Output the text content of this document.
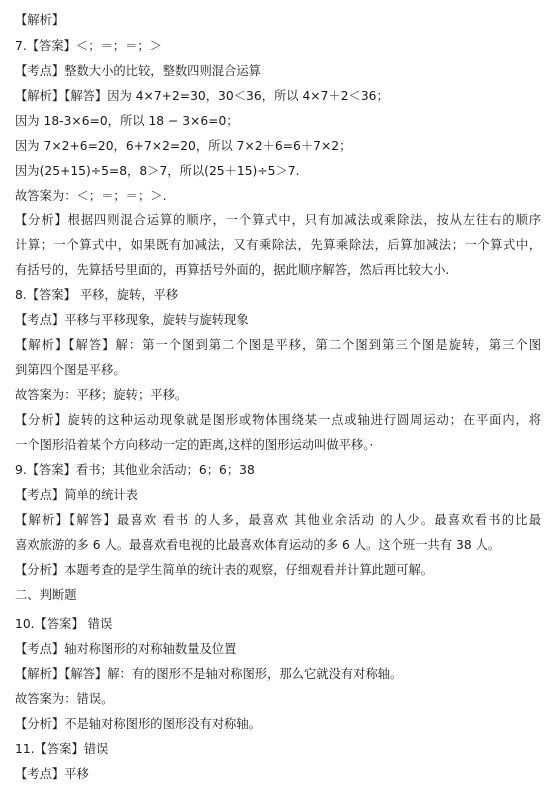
【解析】
7.【答案】＜；＝；＝；＞
【考点】整数大小的比较，整数四则混合运算
【解析】【解答】因为 4×7+2=30，30＜36，所以 4×7＋2＜36；
因为 18-3×6=0，所以 18 − 3×6=0；
因为 7×2+6=20，6+7×2=20，所以 7×2＋6=6＋7×2；
因为(25+15)÷5=8，8＞7，所以(25＋15)÷5＞7.
故答案为：＜；＝；＝；＞.
【分析】根据四则混合运算的顺序，一个算式中，只有加减法或乘除法，按从左往右的顺序
计算；一个算式中，如果既有加减法，又有乘除法，先算乘除法，后算加减法；一个算式中，
有括号的，先算括号里面的，再算括号外面的，据此顺序解答，然后再比较大小.
8.【答案】 平移，旋转，平移
【考点】平移与平移现象，旋转与旋转现象
【解析】【解答】解：第一个图到第二个图是平移，第二个图到第三个图是旋转，第三个图
到第四个图是平移。
故答案为：平移；旋转；平移。
【分析】旋转的这种运动现象就是图形或物体围绕某一点或轴进行圆周运动；在平面内，将
一个图形沿着某个方向移动一定的距离,这样的图形运动叫做平移。·
9.【答案】看书；其他业余活动；6；6；38
【考点】简单的统计表
【解析】【解答】最喜欢 看书 的人多，最喜欢 其他业余活动 的人少。最喜欢看书的比最
喜欢旅游的多 6 人。最喜欢看电视的比最喜欢体育运动的多 6 人。这个班一共有 38 人。
【分析】本题考查的是学生简单的统计表的观察，仔细观看并计算此题可解。
二、判断题
10.【答案】 错误
【考点】轴对称图形的对称轴数量及位置
【解析】【解答】解：有的图形不是轴对称图形，那么它就没有对称轴。
故答案为：错误。
【分析】不是轴对称图形的图形没有对称轴。
11.【答案】错误
【考点】平移
